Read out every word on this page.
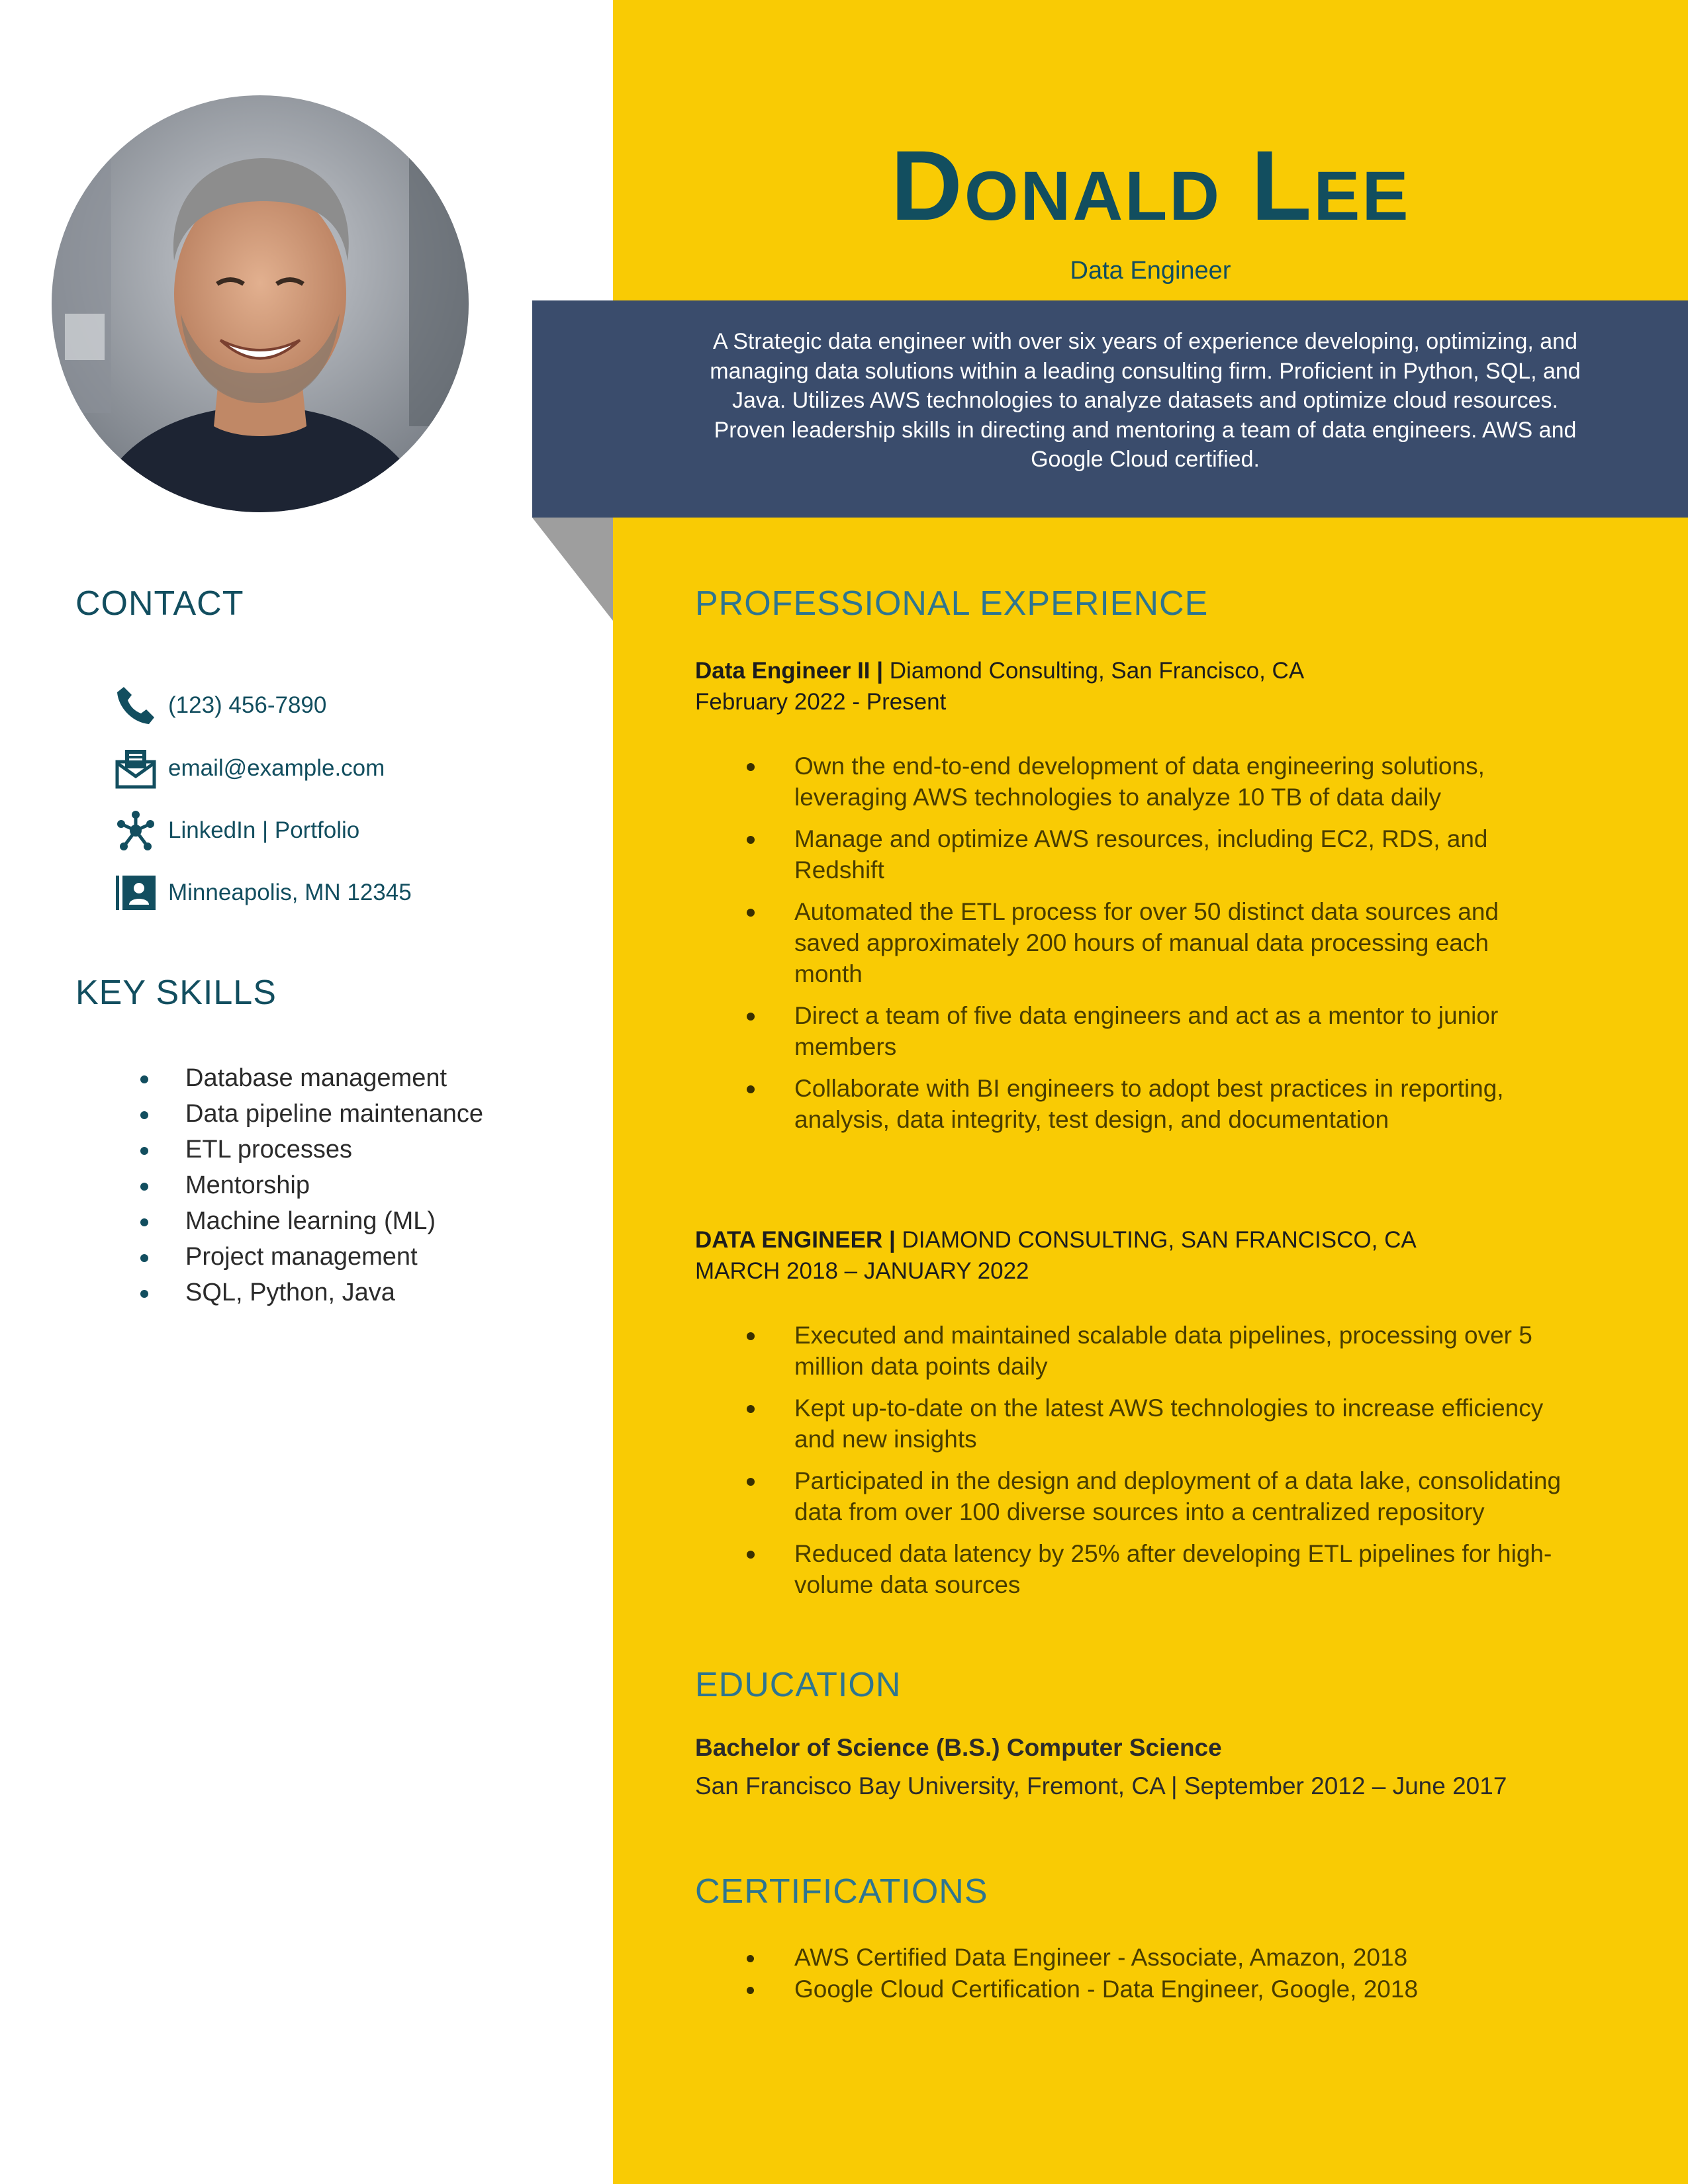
Donald Lee
Data Engineer
A Strategic data engineer with over six years of experience developing, optimizing, and managing data solutions within a leading consulting firm. Proficient in Python, SQL, and Java. Utilizes AWS technologies to analyze datasets and optimize cloud resources. Proven leadership skills in directing and mentoring a team of data engineers. AWS and Google Cloud certified.
CONTACT
(123) 456-7890
email@example.com
LinkedIn | Portfolio
Minneapolis, MN 12345
KEY SKILLS
Database management
Data pipeline maintenance
ETL processes
Mentorship
Machine learning (ML)
Project management
SQL, Python, Java
PROFESSIONAL EXPERIENCE
Data Engineer II | Diamond Consulting, San Francisco, CA
February 2022 - Present
Own the end-to-end development of data engineering solutions, leveraging AWS technologies to analyze 10 TB of data daily
Manage and optimize AWS resources, including EC2, RDS, and Redshift
Automated the ETL process for over 50 distinct data sources and saved approximately 200 hours of manual data processing each month
Direct a team of five data engineers and act as a mentor to junior members
Collaborate with BI engineers to adopt best practices in reporting, analysis, data integrity, test design, and documentation
DATA ENGINEER | DIAMOND CONSULTING, SAN FRANCISCO, CA
MARCH 2018 – JANUARY 2022
Executed and maintained scalable data pipelines, processing over 5 million data points daily
Kept up-to-date on the latest AWS technologies to increase efficiency and new insights
Participated in the design and deployment of a data lake, consolidating data from over 100 diverse sources into a centralized repository
Reduced data latency by 25% after developing ETL pipelines for high-volume data sources
EDUCATION
Bachelor of Science (B.S.) Computer Science
San Francisco Bay University, Fremont, CA | September 2012 – June 2017
CERTIFICATIONS
AWS Certified Data Engineer - Associate, Amazon, 2018
Google Cloud Certification - Data Engineer, Google, 2018
